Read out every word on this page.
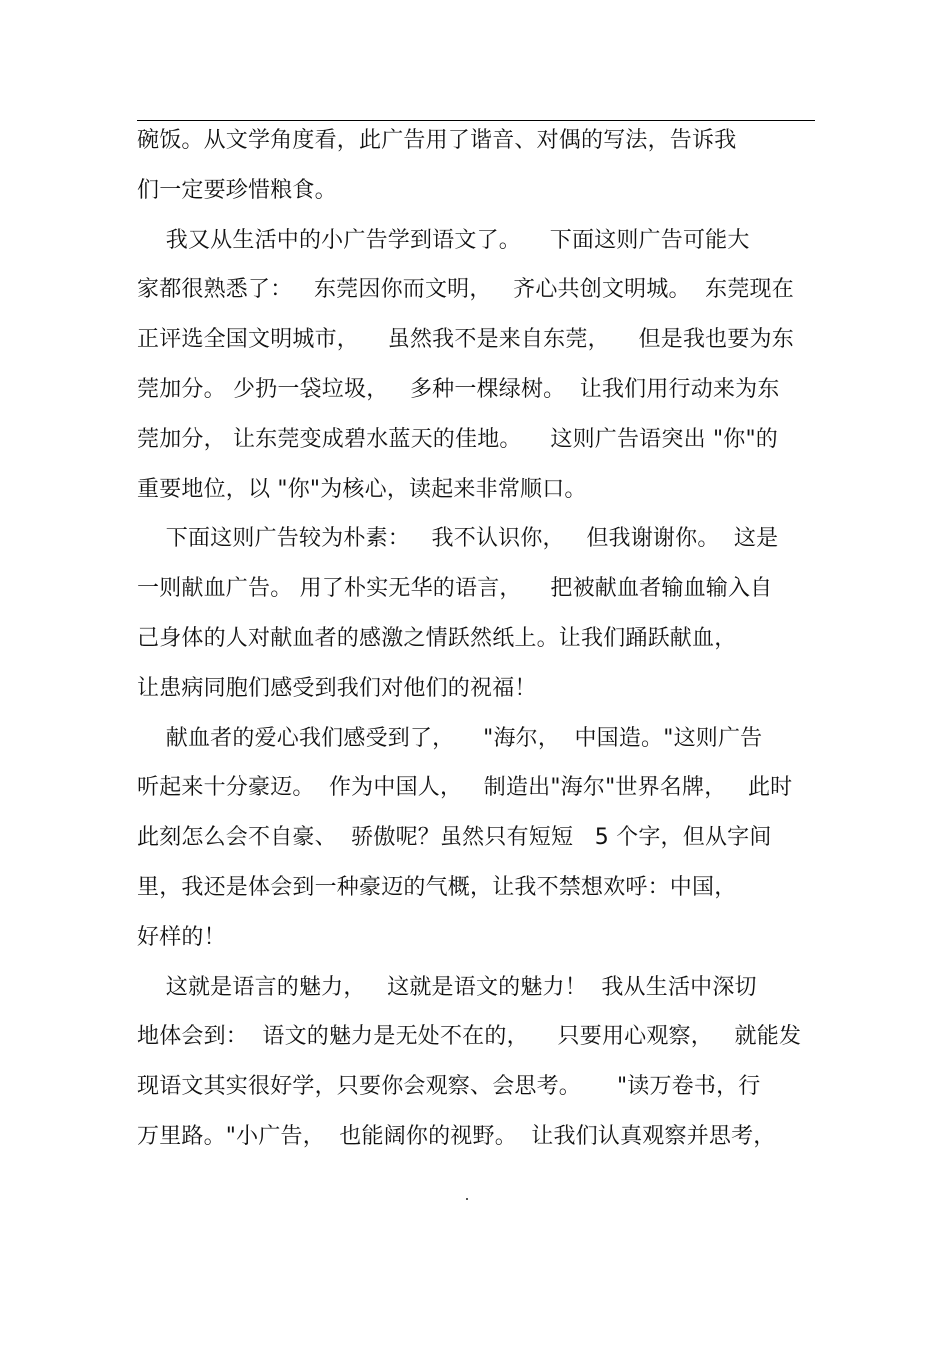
碗饭。从文学角度看，此广告用了谐音、对偶的写法，告诉我
们一定要珍惜粮食。
我又从生活中的小广告学到语文了。    下面这则广告可能大
家都很熟悉了：   东莞因你而文明，   齐心共创文明城。  东莞现在
正评选全国文明城市，    虽然我不是来自东莞，    但是我也要为东
莞加分。 少扔一袋垃圾，   多种一棵绿树。  让我们用行动来为东
莞加分， 让东莞变成碧水蓝天的佳地。    这则广告语突出 "你"的
重要地位，以 "你"为核心，读起来非常顺口。
下面这则广告较为朴素：   我不认识你，   但我谢谢你。  这是
一则献血广告。 用了朴实无华的语言，    把被献血者输血输入自
己身体的人对献血者的感激之情跃然纸上。让我们踊跃献血，
让患病同胞们感受到我们对他们的祝福！
献血者的爱心我们感受到了，    "海尔，  中国造。"这则广告
听起来十分豪迈。  作为中国人，   制造出"海尔"世界名牌，   此时
此刻怎么会不自豪、  骄傲呢？虽然只有短短   5 个字，但从字间
里，我还是体会到一种豪迈的气概，让我不禁想欢呼：中国，
好样的！
这就是语言的魅力，   这就是语文的魅力！  我从生活中深切
地体会到：  语文的魅力是无处不在的，    只要用心观察，   就能发
现语文其实很好学，只要你会观察、会思考。     "读万卷书，行
万里路。"小广告，  也能阔你的视野。  让我们认真观察并思考，
